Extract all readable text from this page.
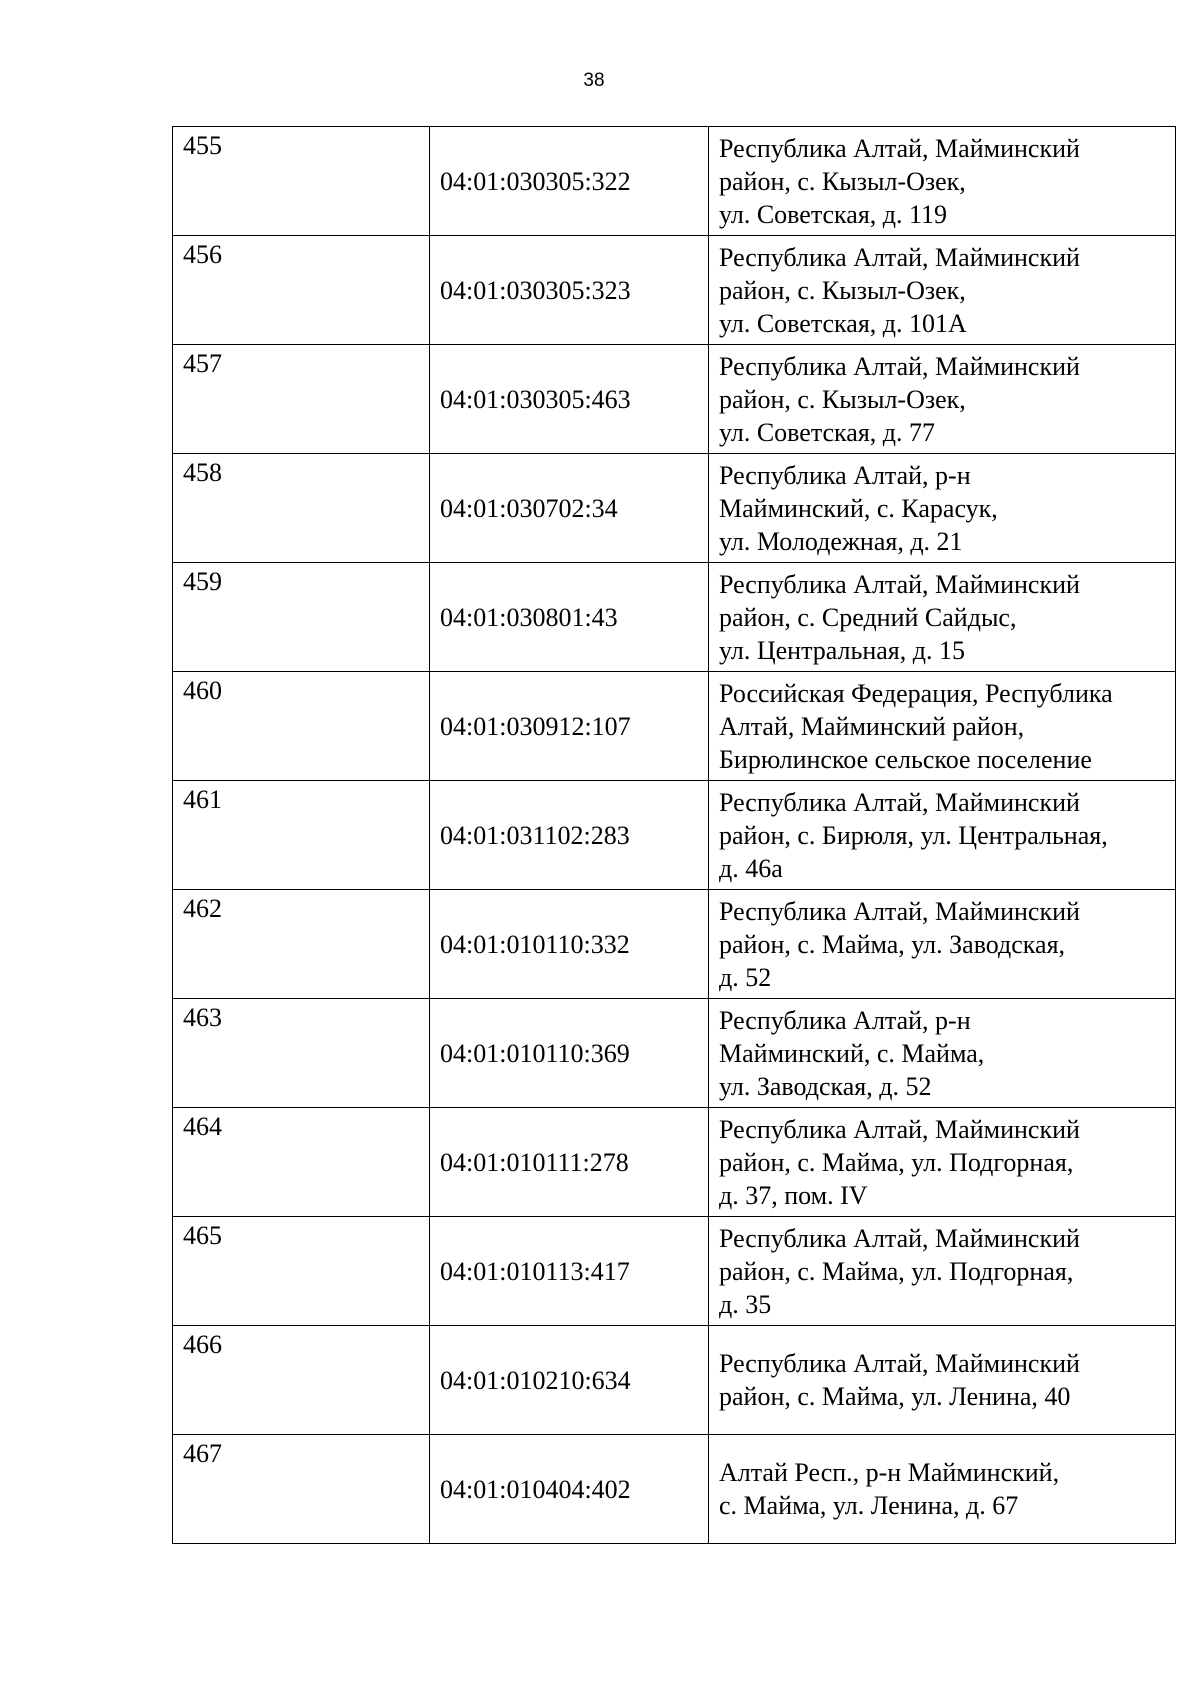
38
455	04:01:030305:322	Республика Алтай, Майминский
район, с. Кызыл-Озек,
ул. Советская, д. 119

456	04:01:030305:323	Республика Алтай, Майминский
район, с. Кызыл-Озек,
ул. Советская, д. 101А

457	04:01:030305:463	Республика Алтай, Майминский
район, с. Кызыл-Озек,
ул. Советская, д. 77

458	04:01:030702:34	Республика Алтай, р-н
Майминский, с. Карасук,
ул. Молодежная, д. 21

459	04:01:030801:43	Республика Алтай, Майминский
район, с. Средний Сайдыс,
ул. Центральная, д. 15

460	04:01:030912:107	Российская Федерация, Республика
Алтай, Майминский район,
Бирюлинское сельское поселение

461	04:01:031102:283	Республика Алтай, Майминский
район, с. Бирюля, ул. Центральная,
д. 46а

462	04:01:010110:332	Республика Алтай, Майминский
район, с. Майма, ул. Заводская,
д. 52

463	04:01:010110:369	Республика Алтай, р-н
Майминский, с. Майма,
ул. Заводская, д. 52

464	04:01:010111:278	Республика Алтай, Майминский
район, с. Майма, ул. Подгорная,
д. 37, пом. IV

465	04:01:010113:417	Республика Алтай, Майминский
район, с. Майма, ул. Подгорная,
д. 35

466	04:01:010210:634	Республика Алтай, Майминский
район, с. Майма, ул. Ленина, 40

467	04:01:010404:402	Алтай Респ., р-н Майминский,
с. Майма, ул. Ленина, д. 67
